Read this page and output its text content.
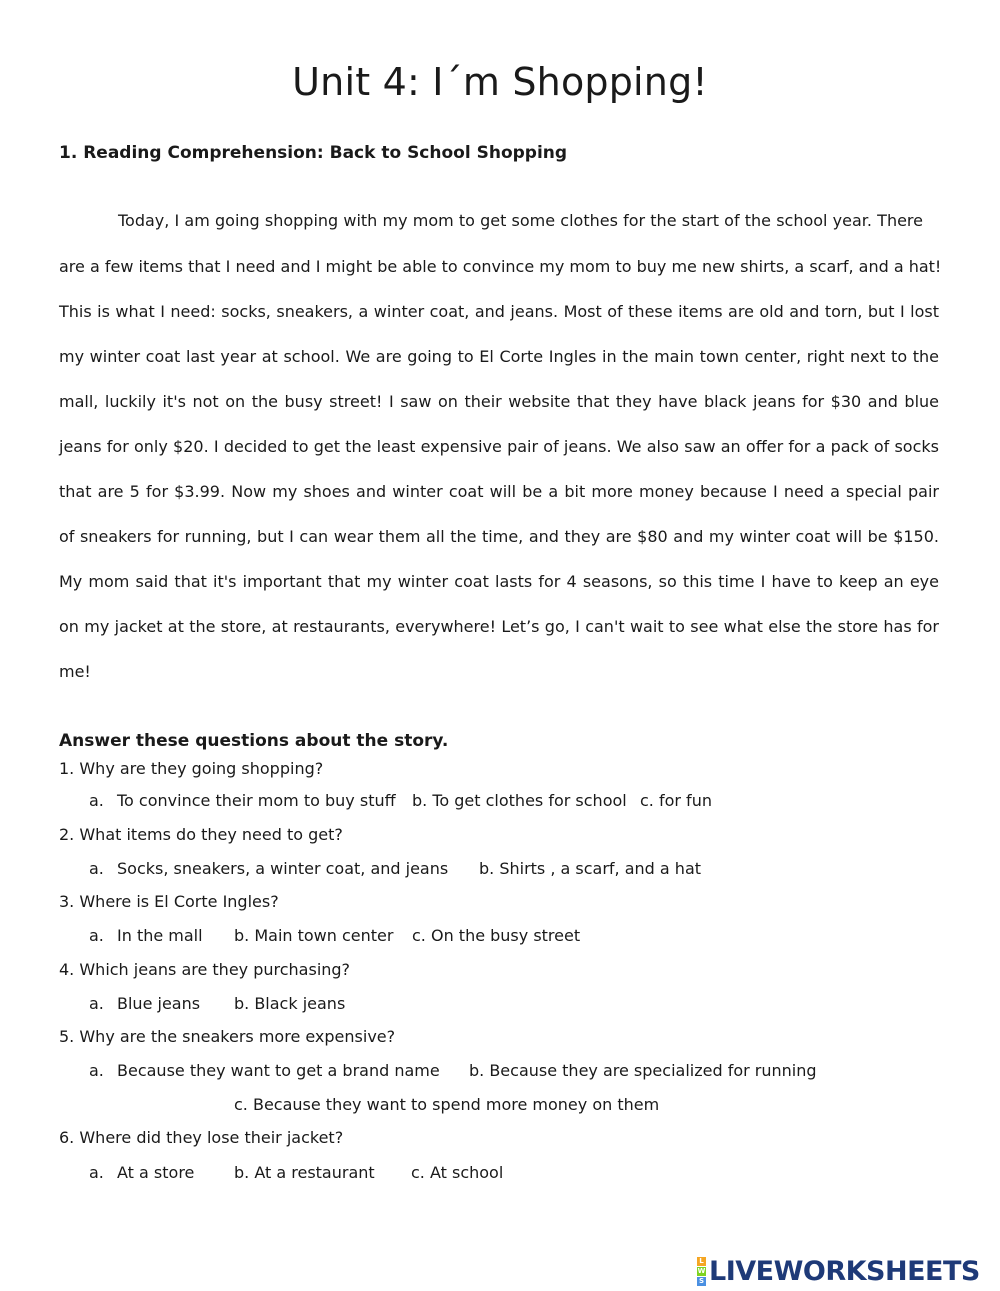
Unit 4: I´m Shopping!
1. Reading Comprehension: Back to School Shopping

Today, I am going shopping with my mom to get some clothes for the start of the school year. There

are a few items that I need and I might be able to convince my mom to buy me new shirts, a scarf, and a hat!

This is what I need: socks, sneakers, a winter coat, and jeans. Most of these items are old and torn, but I lost

my winter coat last year at school. We are going to El Corte Ingles in the main town center, right next to the

mall, luckily it's not on the busy street! I saw on their website that they have black jeans for $30 and blue

jeans for only $20. I decided to get the least expensive pair of jeans. We also saw an offer for a pack of socks

that are 5 for $3.99. Now my shoes and winter coat will be a bit more money because I need a special pair

of sneakers for running, but I can wear them all the time, and they are $80 and my winter coat will be $150.

My mom said that it's important that my winter coat lasts for 4 seasons, so this time I have to keep an eye

on my jacket at the store, at restaurants, everywhere! Let’s go, I can't wait to see what else the store has for

me!

Answer these questions about the story.

1. Why are they going shopping?

a. To convince their mom to buy stuff b. To get clothes for school c. for fun

2. What items do they need to get?

a. Socks, sneakers, a winter coat, and jeans b. Shirts , a scarf, and a hat

3. Where is El Corte Ingles?

a. In the mall b. Main town center c. On the busy street

4. Which jeans are they purchasing?

a. Blue jeans b. Black jeans

5. Why are the sneakers more expensive?

a. Because they want to get a brand name b. Because they are specialized for running
c. Because they want to spend more money on them

6. Where did they lose their jacket?

a. At a store b. At a restaurant c. At school
L
W
S LIVEWORKSHEETS
